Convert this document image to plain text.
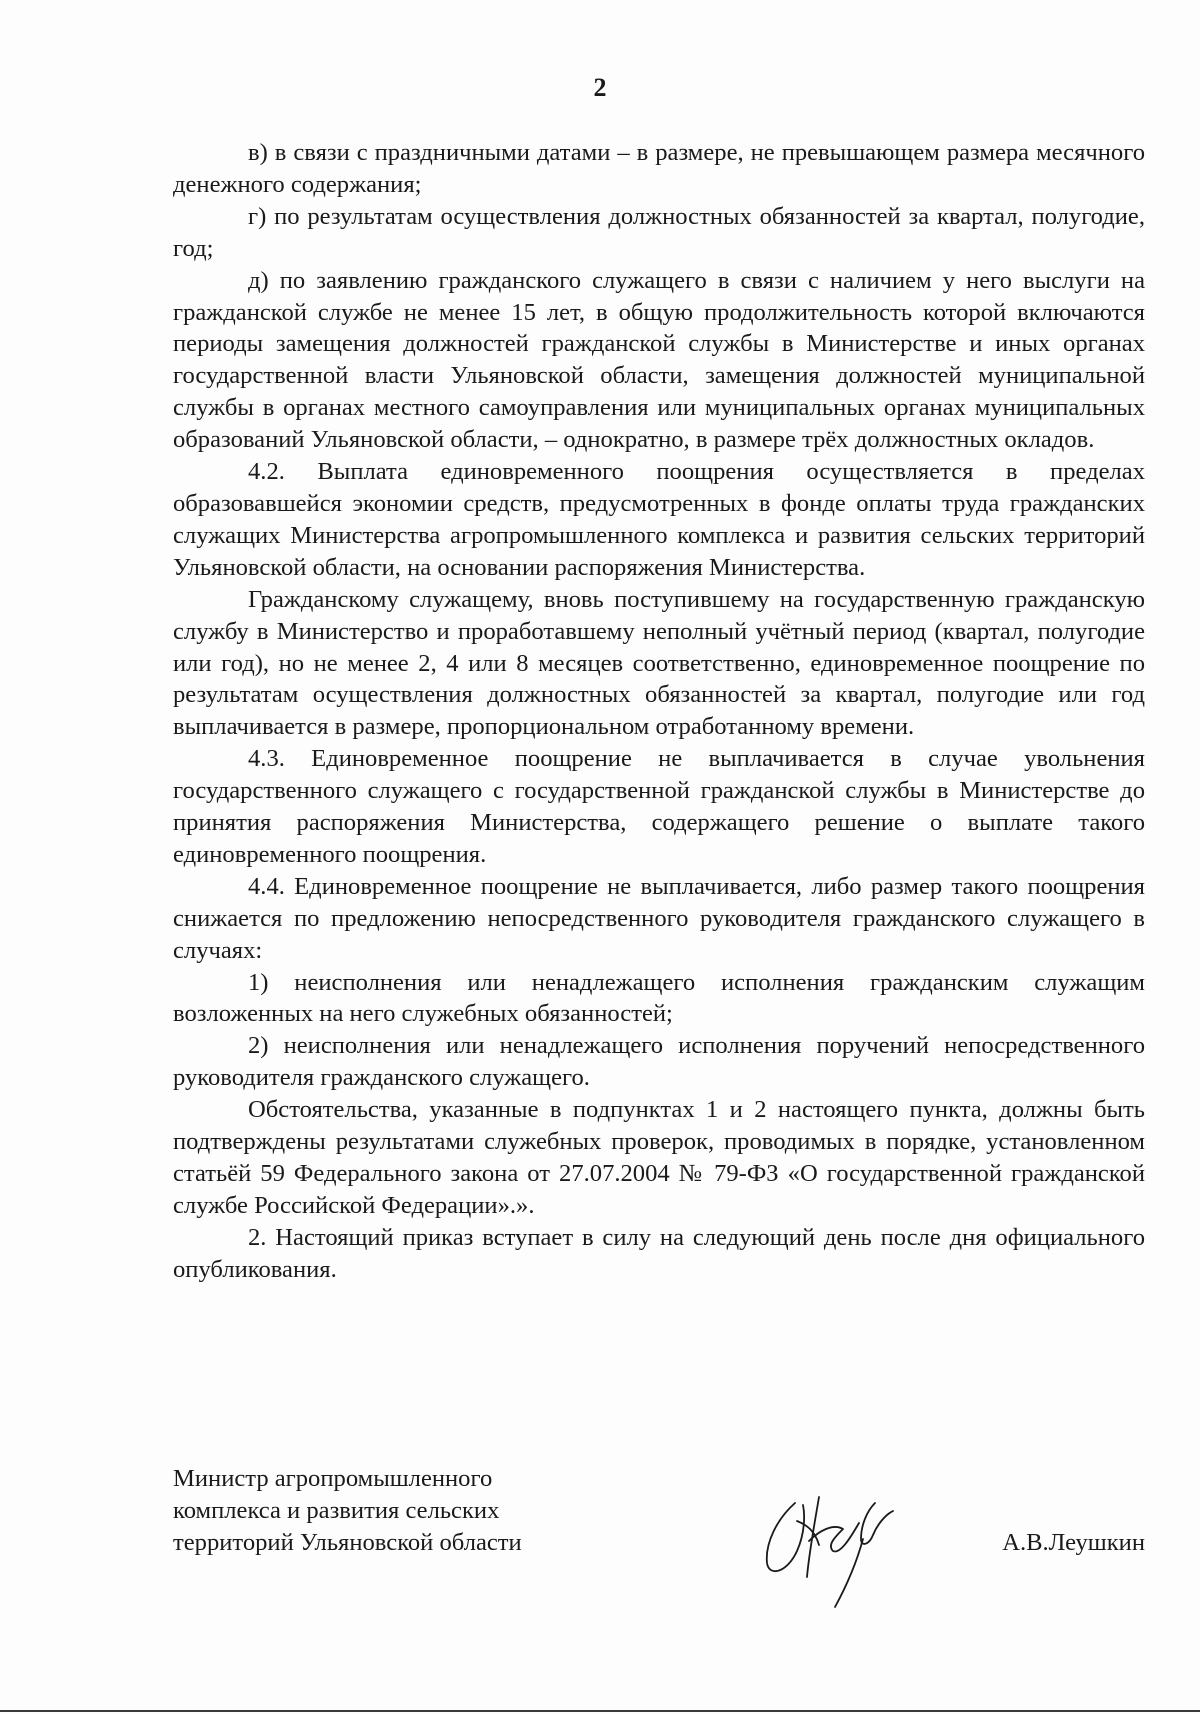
2

в) в связи с праздничными датами – в размере, не превышающем размера месячного денежного содержания;

г) по результатам осуществления должностных обязанностей за квартал, полугодие, год;

д) по заявлению гражданского служащего в связи с наличием у него выслуги на гражданской службе не менее 15 лет, в общую продолжительность которой включаются периоды замещения должностей гражданской службы в Министерстве и иных органах государственной власти Ульяновской области, замещения должностей муниципальной службы в органах местного самоуправления или муниципальных органах муниципальных образований Ульяновской области, – однократно, в размере трёх должностных окладов.

4.2. Выплата единовременного поощрения осуществляется в пределах образовавшейся экономии средств, предусмотренных в фонде оплаты труда гражданских служащих Министерства агропромышленного комплекса и развития сельских территорий Ульяновской области, на основании распоряжения Министерства.

Гражданскому служащему, вновь поступившему на государственную гражданскую службу в Министерство и проработавшему неполный учётный период (квартал, полугодие или год), но не менее 2, 4 или 8 месяцев соответственно, единовременное поощрение по результатам осуществления должностных обязанностей за квартал, полугодие или год выплачивается в размере, пропорциональном отработанному времени.

4.3. Единовременное поощрение не выплачивается в случае увольнения государственного служащего с государственной гражданской службы в Министерстве до принятия распоряжения Министерства, содержащего решение о выплате такого единовременного поощрения.

4.4. Единовременное поощрение не выплачивается, либо размер такого поощрения снижается по предложению непосредственного руководителя гражданского служащего в случаях:

1) неисполнения или ненадлежащего исполнения гражданским служащим возложенных на него служебных обязанностей;

2) неисполнения или ненадлежащего исполнения поручений непосредственного руководителя гражданского служащего.

Обстоятельства, указанные в подпунктах 1 и 2 настоящего пункта, должны быть подтверждены результатами служебных проверок, проводимых в порядке, установленном статьёй 59 Федерального закона от 27.07.2004 № 79-ФЗ «О государственной гражданской службе Российской Федерации».».

2. Настоящий приказ вступает в силу на следующий день после дня официального опубликования.

Министр агропромышленного
комплекса и развития сельских
территорий Ульяновской области	А.В.Леушкин
